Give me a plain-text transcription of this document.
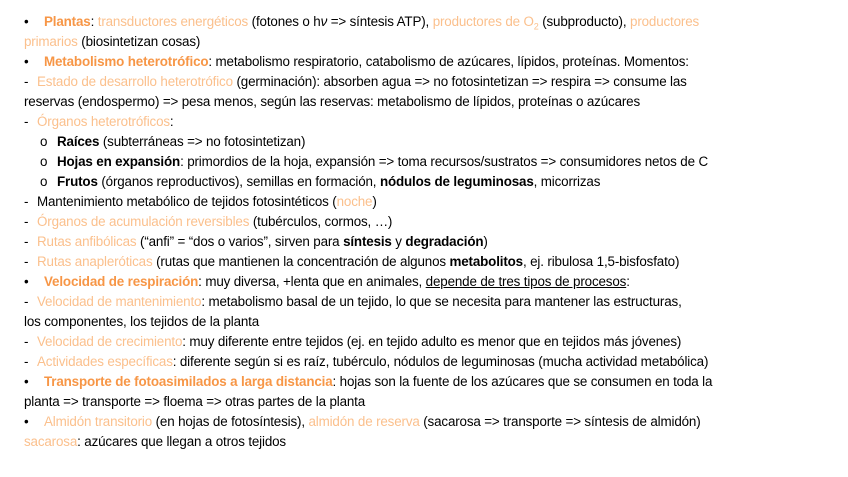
• Plantas: transductores energéticos (fotones o hν => síntesis ATP), productores de $O_2$ (subproducto), productores
primarios (biosintetizan cosas)
• Metabolismo heterotrófico: metabolismo respiratorio, catabolismo de azúcares, lípidos, proteínas. Momentos:
- Estado de desarrollo heterotrófico (germinación): absorben agua => no fotosintetizan => respira => consume las
reservas (endospermo) => pesa menos, según las reservas: metabolismo de lípidos, proteínas o azúcares
- Órganos heterotróficos:
o Raíces (subterráneas => no fotosintetizan)
o Hojas en expansión: primordios de la hoja, expansión => toma recursos/sustratos => consumidores netos de C
o Frutos (órganos reproductivos), semillas en formación, nódulos de leguminosas, micorrizas
- Mantenimiento metabólico de tejidos fotosintéticos (noche)
- Órganos de acumulación reversibles (tubérculos, cormos, …)
- Rutas anfibólicas (“anfi” = “dos o varios”, sirven para síntesis y degradación)
- Rutas anapleróticas (rutas que mantienen la concentración de algunos metabolitos, ej. ribulosa 1,5-bisfosfato)
• Velocidad de respiración: muy diversa, +lenta que en animales, depende de tres tipos de procesos:
- Velocidad de mantenimiento: metabolismo basal de un tejido, lo que se necesita para mantener las estructuras,
los componentes, los tejidos de la planta
- Velocidad de crecimiento: muy diferente entre tejidos (ej. en tejido adulto es menor que en tejidos más jóvenes)
- Actividades específicas: diferente según si es raíz, tubérculo, nódulos de leguminosas (mucha actividad metabólica)
• Transporte de fotoasimilados a larga distancia: hojas son la fuente de los azúcares que se consumen en toda la
planta => transporte => floema => otras partes de la planta
• Almidón transitorio (en hojas de fotosíntesis), almidón de reserva (sacarosa => transporte => síntesis de almidón)
sacarosa: azúcares que llegan a otros tejidos
